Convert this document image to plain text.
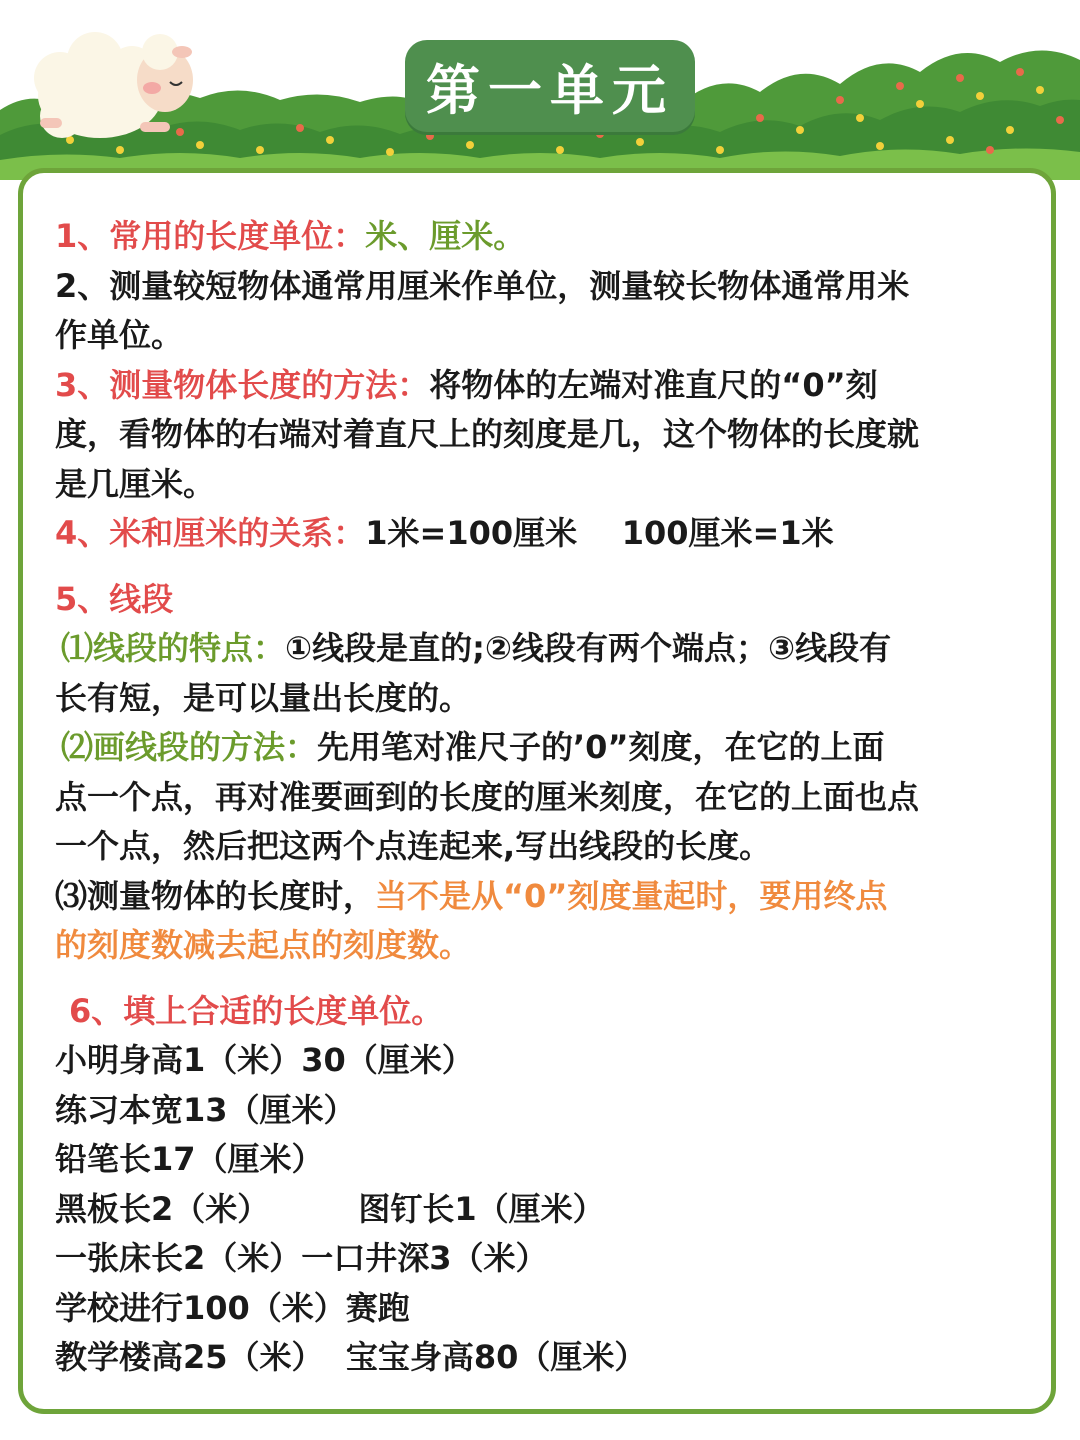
第一单元
1、常用的长度单位：米、厘米。
2、测量较短物体通常用厘米作单位，测量较长物体通常用米
作单位。
3、测量物体长度的方法：将物体的左端对准直尺的“0”刻
度，看物体的右端对着直尺上的刻度是几，这个物体的长度就
是几厘米。
4、米和厘米的关系：1米=100厘米    100厘米=1米
5、线段
⑴线段的特点：①线段是直的;②线段有两个端点；③线段有
长有短，是可以量出长度的。
⑵画线段的方法：先用笔对准尺子的’0”刻度，在它的上面
点一个点，再对准要画到的长度的厘米刻度，在它的上面也点
一个点，然后把这两个点连起来,写出线段的长度。
⑶测量物体的长度时，当不是从“0”刻度量起时，要用终点
的刻度数减去起点的刻度数。
6、填上合适的长度单位。
小明身高1（米）30（厘米）
练习本宽13（厘米）
铅笔长17（厘米）
黑板长2（米）        图钉长1（厘米）
一张床长2（米）一口井深3（米）
学校进行100（米）赛跑
教学楼高25（米）  宝宝身高80（厘米）
